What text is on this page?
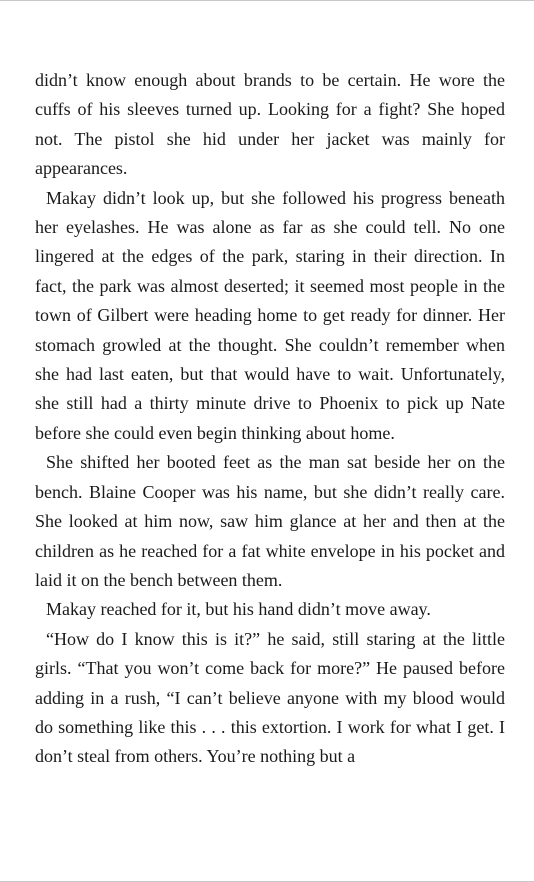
didn’t know enough about brands to be certain. He wore the cuffs of his sleeves turned up. Looking for a fight? She hoped not. The pistol she hid under her jacket was mainly for appearances.

Makay didn’t look up, but she followed his progress beneath her eyelashes. He was alone as far as she could tell. No one lingered at the edges of the park, staring in their direction. In fact, the park was almost deserted; it seemed most people in the town of Gilbert were heading home to get ready for dinner. Her stomach growled at the thought. She couldn’t remember when she had last eaten, but that would have to wait. Unfortunately, she still had a thirty minute drive to Phoenix to pick up Nate before she could even begin thinking about home.

She shifted her booted feet as the man sat beside her on the bench. Blaine Cooper was his name, but she didn’t really care. She looked at him now, saw him glance at her and then at the children as he reached for a fat white envelope in his pocket and laid it on the bench between them.

Makay reached for it, but his hand didn’t move away.

“How do I know this is it?” he said, still staring at the little girls. “That you won’t come back for more?” He paused before adding in a rush, “I can’t believe anyone with my blood would do something like this . . . this extortion. I work for what I get. I don’t steal from others. You’re nothing but a
